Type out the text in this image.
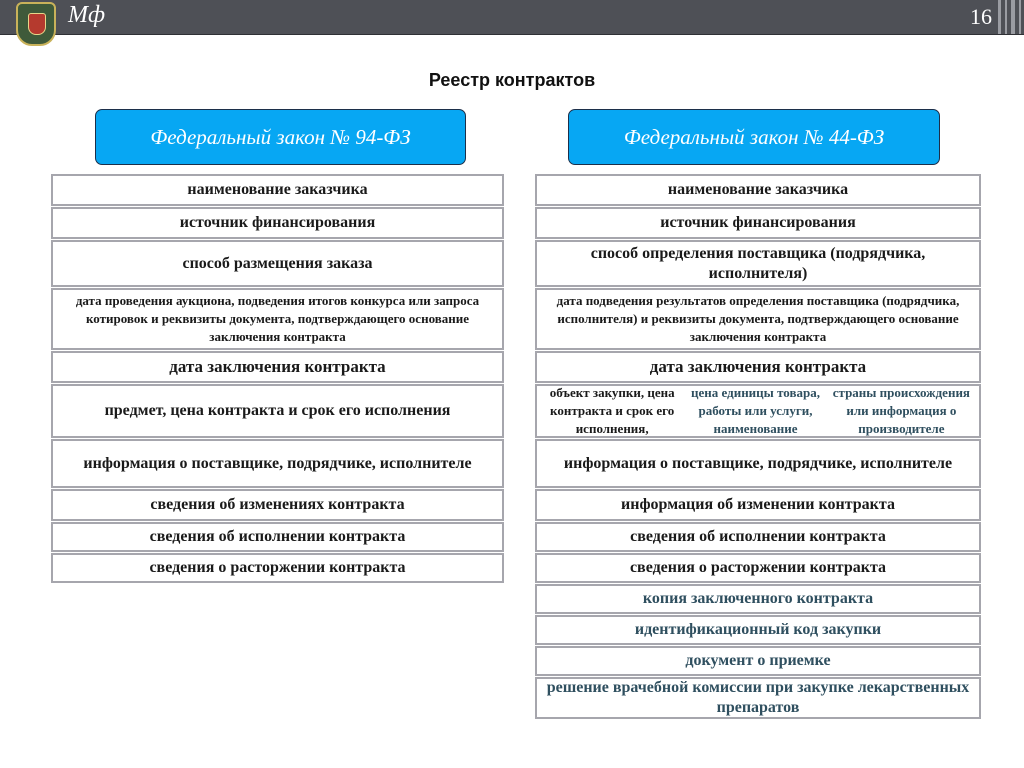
Мф	16
Реестр контрактов
Федеральный закон № 94-ФЗ	Федеральный закон № 44-ФЗ
наименование заказчика
источник финансирования
способ размещения заказа
дата проведения аукциона, подведения итогов конкурса или запроса котировок и реквизиты документа, подтверждающего основание заключения контракта
дата заключения контракта
предмет, цена контракта и срок его исполнения
информация о поставщике, подрядчике, исполнителе
сведения об изменениях контракта
сведения об исполнении контракта
сведения о расторжении контракта
наименование заказчика
источник финансирования
способ определения поставщика (подрядчика, исполнителя)
дата подведения результатов определения поставщика (подрядчика, исполнителя) и реквизиты документа, подтверждающего основание заключения контракта
дата заключения контракта
объект закупки, цена контракта и срок его исполнения,
цена единицы товара, работы или услуги, наименование
страны происхождения или информация о производителе
информация о поставщике, подрядчике, исполнителе
информация об изменении контракта
сведения об исполнении контракта
сведения о расторжении контракта
копия заключенного контракта
идентификационный код закупки
документ о приемке
решение врачебной комиссии при закупке лекарственных препаратов
